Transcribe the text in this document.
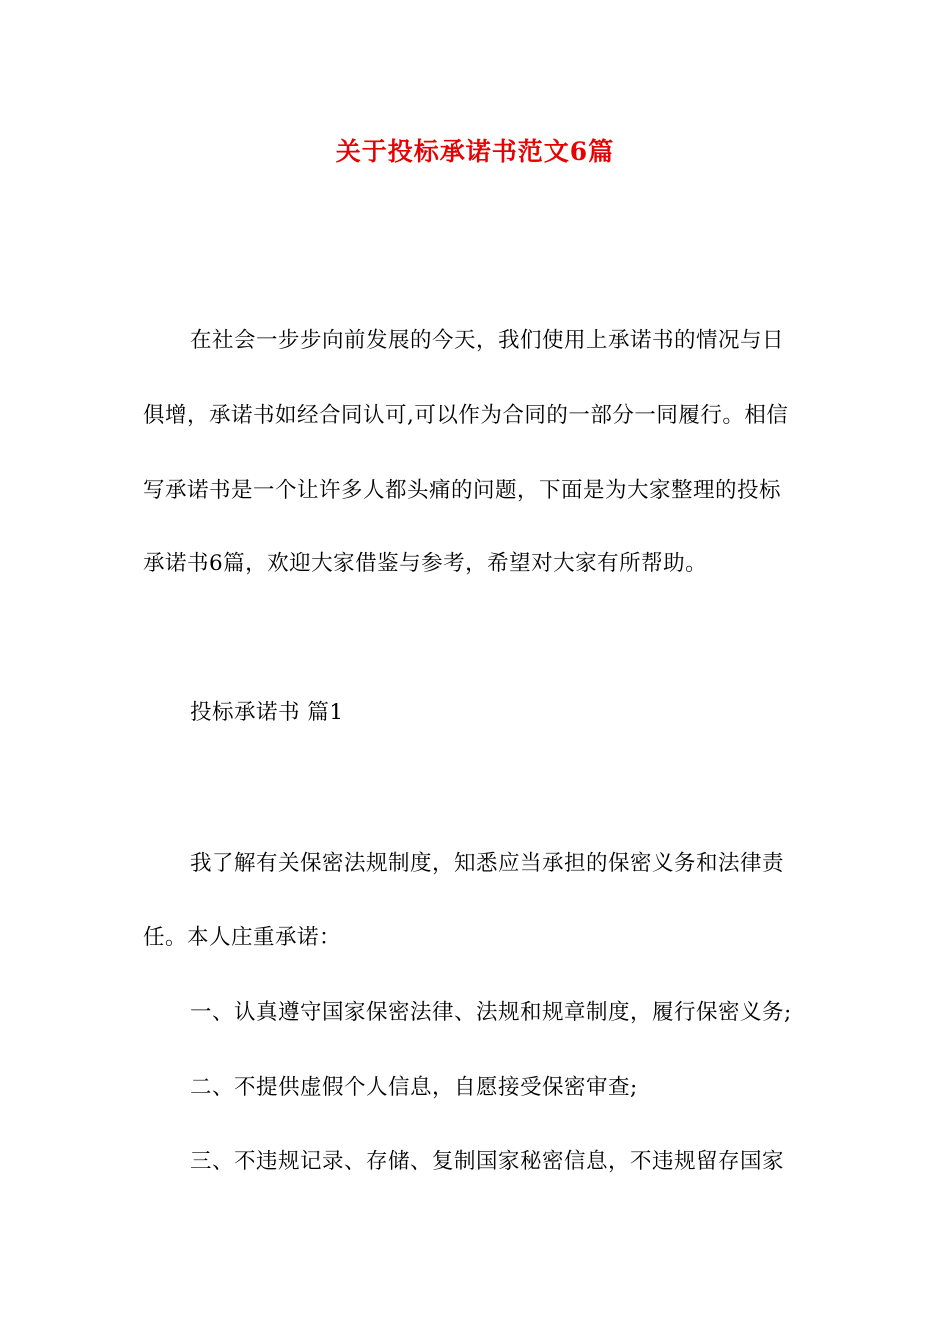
关于投标承诺书范文6篇
在社会一步步向前发展的今天，我们使用上承诺书的情况与日
俱增，承诺书如经合同认可,可以作为合同的一部分一同履行。相信
写承诺书是一个让许多人都头痛的问题，下面是为大家整理的投标
承诺书6篇，欢迎大家借鉴与参考，希望对大家有所帮助。
投标承诺书 篇1
我了解有关保密法规制度，知悉应当承担的保密义务和法律责
任。本人庄重承诺：
一、认真遵守国家保密法律、法规和规章制度，履行保密义务;
二、不提供虚假个人信息，自愿接受保密审查;
三、不违规记录、存储、复制国家秘密信息，不违规留存国家
